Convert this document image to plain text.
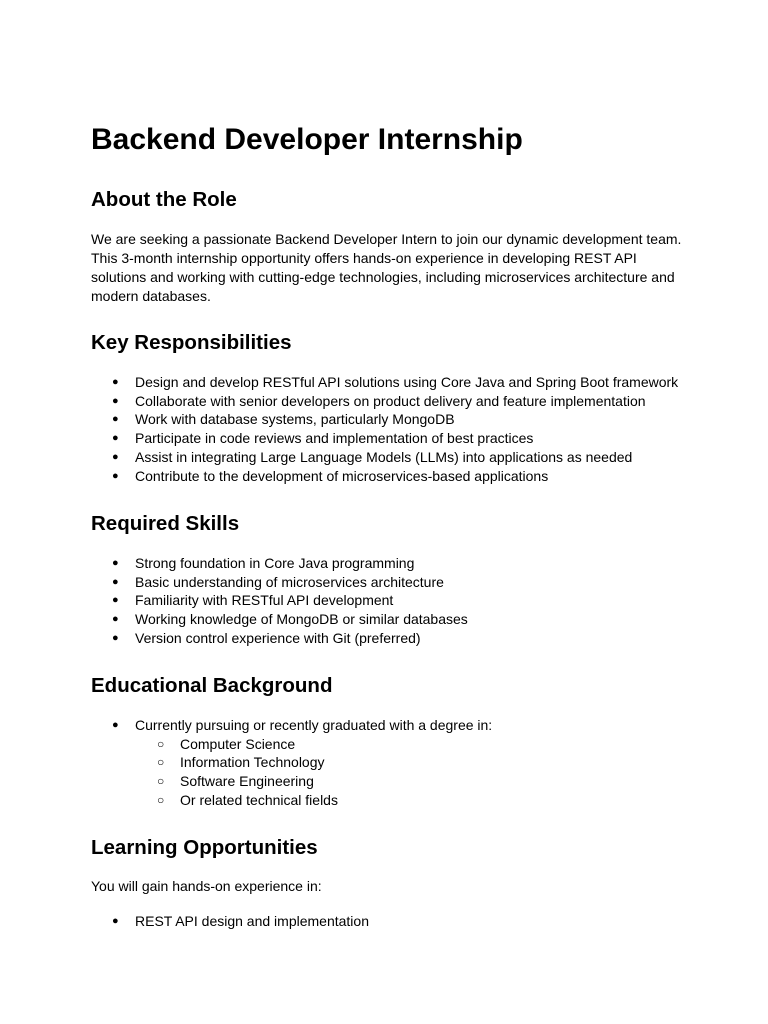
Backend Developer Internship
About the Role

We are seeking a passionate Backend Developer Intern to join our dynamic development team.
This 3-month internship opportunity offers hands-on experience in developing REST API
solutions and working with cutting-edge technologies, including microservices architecture and
modern databases.

Key Responsibilities
● Design and develop RESTful API solutions using Core Java and Spring Boot framework
● Collaborate with senior developers on product delivery and feature implementation
● Work with database systems, particularly MongoDB
● Participate in code reviews and implementation of best practices
● Assist in integrating Large Language Models (LLMs) into applications as needed
● Contribute to the development of microservices-based applications
Required Skills
● Strong foundation in Core Java programming
● Basic understanding of microservices architecture
● Familiarity with RESTful API development
● Working knowledge of MongoDB or similar databases
● Version control experience with Git (preferred)
Educational Background
● Currently pursuing or recently graduated with a degree in:
○ Computer Science
○ Information Technology
○ Software Engineering
○ Or related technical fields
Learning Opportunities

You will gain hands-on experience in:

● REST API design and implementation
